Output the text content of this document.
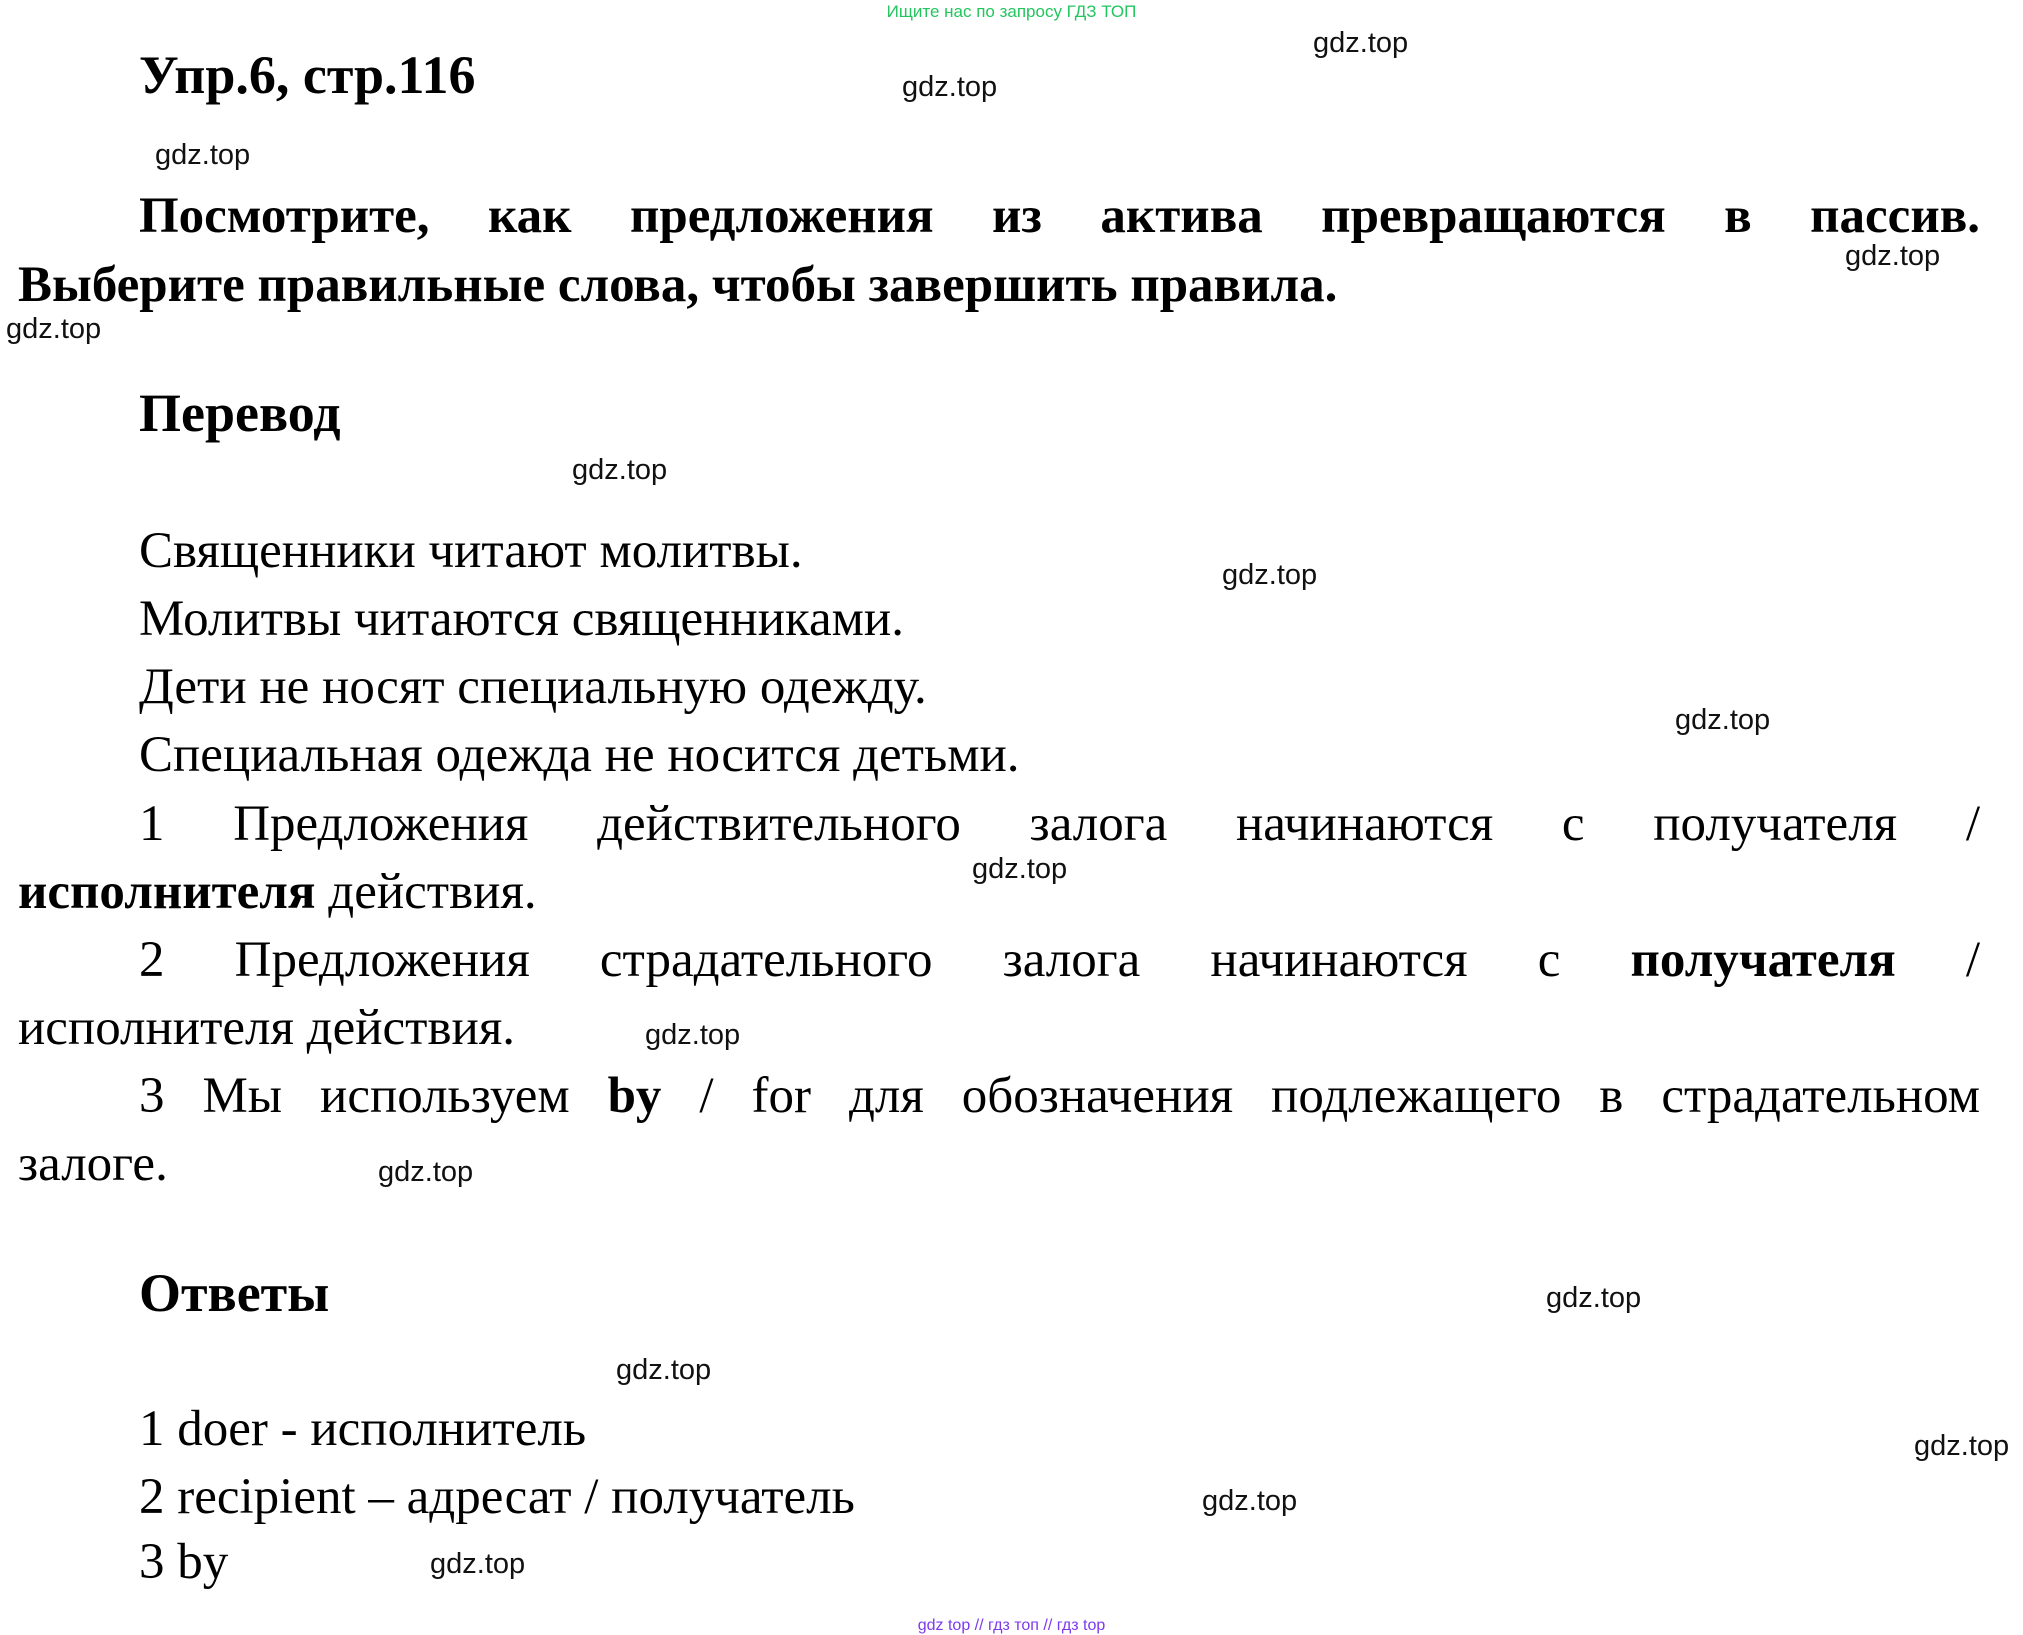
Ищите нас по запросу ГДЗ ТОП
Упр.6, стр.116
Посмотрите, как предложения из актива превращаются в пассив.
Выберите правильные слова, чтобы завершить правила.
Перевод
Священники читают молитвы.
Молитвы читаются священниками.
Дети не носят специальную одежду.
Специальная одежда не носится детьми.
1 Предложения действительного залога начинаются с получателя /
исполнителя действия.
2 Предложения страдательного залога начинаются с получателя /
исполнителя действия.
3 Мы используем by / for для обозначения подлежащего в страдательном
залоге.
Ответы
1 doer - исполнитель
2 recipient – адресат / получатель
3 by
gdz.top
gdz.top
gdz.top
gdz.top
gdz.top
gdz.top
gdz.top
gdz.top
gdz.top
gdz.top
gdz.top
gdz.top
gdz.top
gdz.top
gdz.top
gdz.top
gdz top // гдз топ // гдз top
